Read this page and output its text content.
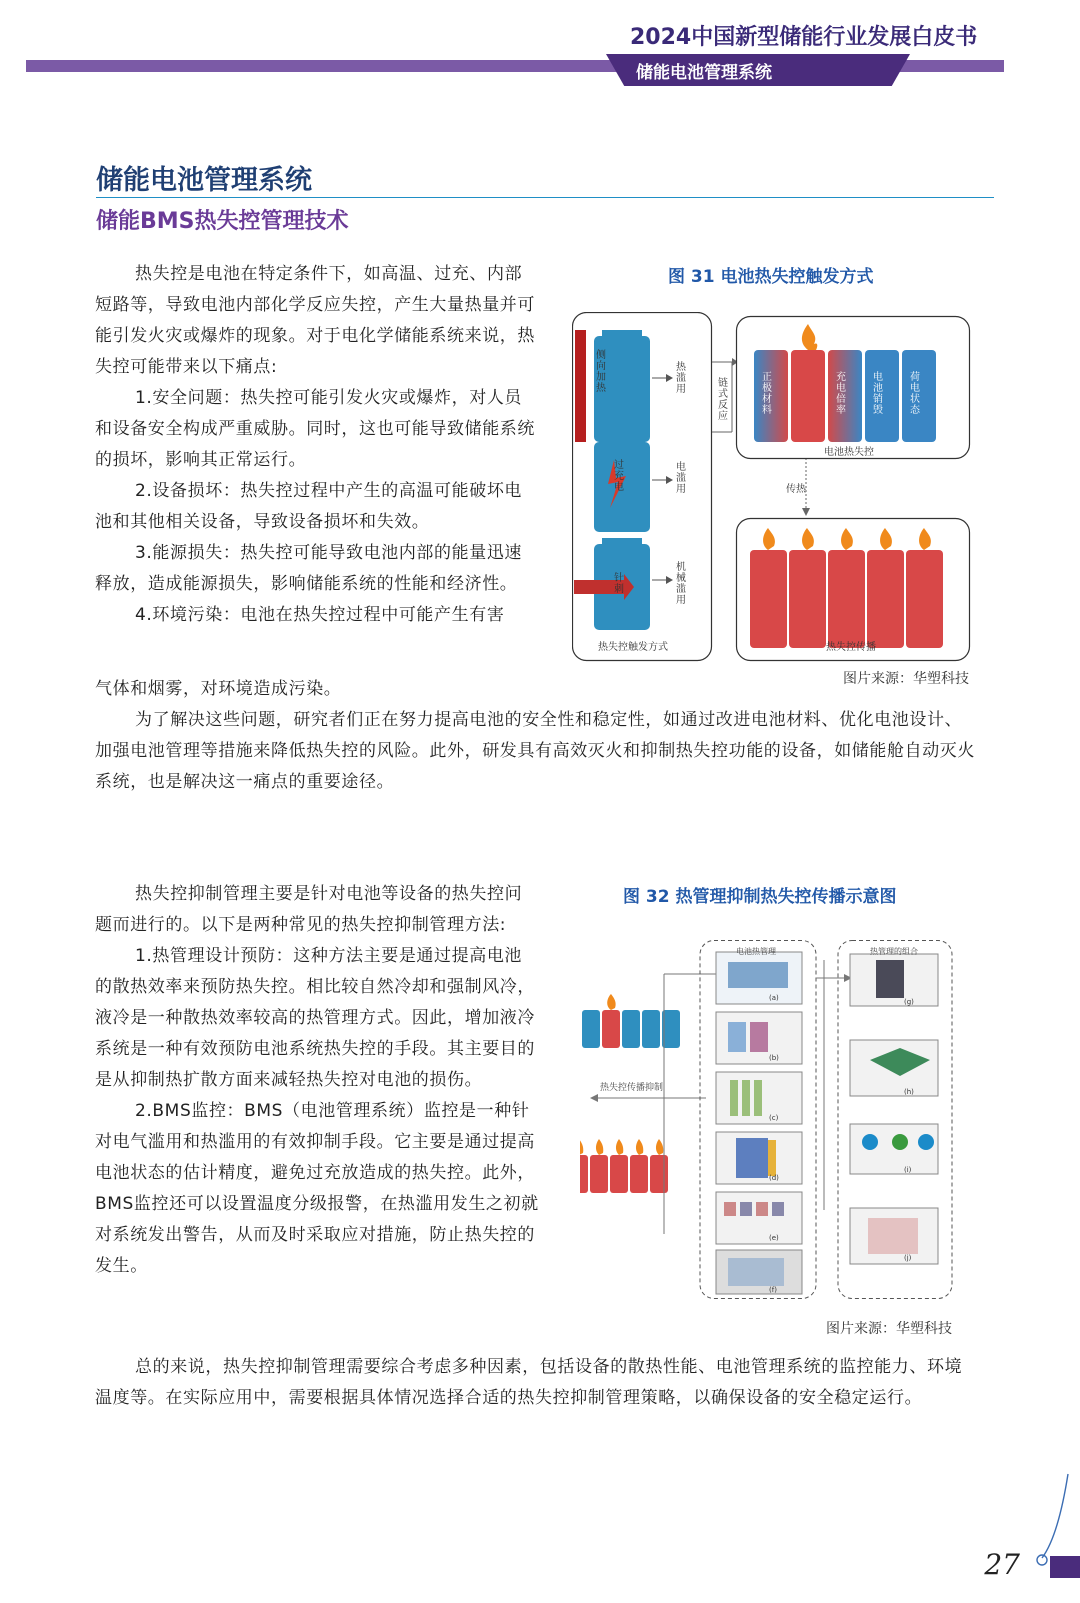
2024中国新型储能行业发展白皮书
储能电池管理系统
储能电池管理系统
储能BMS热失控管理技术

热失控是电池在特定条件下，如高温、过充、内部短路等，导致电池内部化学反应失控，产生大量热量并可能引发火灾或爆炸的现象。对于电化学储能系统来说，热失控可能带来以下痛点:

1.安全问题：热失控可能引发火灾或爆炸，对人员和设备安全构成严重威胁。同时，这也可能导致储能系统的损坏，影响其正常运行。

2.设备损坏：热失控过程中产生的高温可能破坏电池和其他相关设备，导致设备损坏和失效。

3.能源损失：热失控可能导致电池内部的能量迅速释放，造成能源损失，影响储能系统的性能和经济性。

4.环境污染：电池在热失控过程中可能产生有害

气体和烟雾，对环境造成污染。

为了解决这些问题，研究者们正在努力提高电池的安全性和稳定性，如通过改进电池材料、优化电池设计、加强电池管理等措施来降低热失控的风险。此外，研发具有高效灭火和抑制热失控功能的设备，如储能舱自动灭火系统，也是解决这一痛点的重要途径。

图 31 电池热失控触发方式
侧向加热
过充电
针刺
热滥用
电滥用
机械滥用
链式反应
传热
正极材料
充电倍率
电池销毁
荷电状态
电池热失控
热失控传播
热失控触发方式
图片来源：华塑科技

热失控抑制管理主要是针对电池等设备的热失控问题而进行的。以下是两种常见的热失控抑制管理方法:

1.热管理设计预防：这种方法主要是通过提高电池的散热效率来预防热失控。相比较自然冷却和强制风冷，液冷是一种散热效率较高的热管理方式。因此，增加液冷系统是一种有效预防电池系统热失控的手段。其主要目的是从抑制热扩散方面来减轻热失控对电池的损伤。

2.BMS监控：BMS（电池管理系统）监控是一种针对电气滥用和热滥用的有效抑制手段。它主要是通过提高电池状态的估计精度，避免过充放造成的热失控。此外，BMS监控还可以设置温度分级报警，在热滥用发生之初就对系统发出警告，从而及时采取应对措施，防止热失控的发生。

总的来说，热失控抑制管理需要综合考虑多种因素，包括设备的散热性能、电池管理系统的监控能力、环境温度等。在实际应用中，需要根据具体情况选择合适的热失控抑制管理策略，以确保设备的安全稳定运行。

图 32 热管理抑制热失控传播示意图
电池热管理	热管理的组合
热失控传播抑制
(a)
(b)
(c)
(d)
(e)
(f)
(g)
(h)
(i)
(j)
图片来源：华塑科技
27
